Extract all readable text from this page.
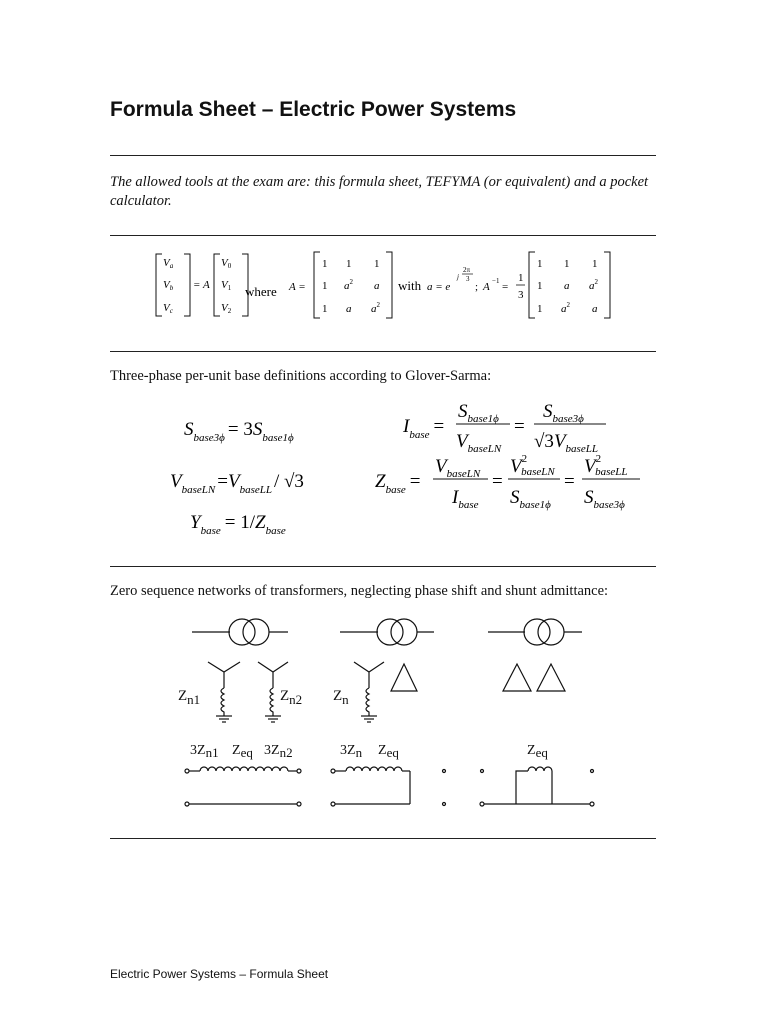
Formula Sheet – Electric Power Systems
The allowed tools at the exam are: this formula sheet, TEFYMA (or equivalent) and a pocket calculator.
Va
Vb
Vc
= A
V0
V1
V2
A =
where
1 1 1
1 $a^2$ a
1 a $a^2$
with a = e
j
2π
3
; A −1 =
1
3
1 1 1
1 a $a^2$
1 $a^2$ a
Three-phase per-unit base definitions according to Glover-Sarma:
$S_{base3\phi} = 3S_{base1\phi}$
$V_{baseLN} =V_{baseLL} / √3$
$Y_{base} = 1/Z_{base}$
$I_{base}$ =
$S_{base1\phi}$
$V_{baseLN}$
=
$S_{base3\phi}$
$√3V_{baseLL}$
$Z_{base}$ =
$V_{baseLN}$
$I_{base}$
=
$V^2$ baseLN
$S_{base1\phi}$
=
$V^2$ baseLL
$S_{base3\phi}$
Zero sequence networks of transformers, neglecting phase shift and shunt admittance:
Zn1	Zn2 Zn
3Zn1 Zeq 3Zn2	3Zn Zeq	Zeq
Electric Power Systems – Formula Sheet
